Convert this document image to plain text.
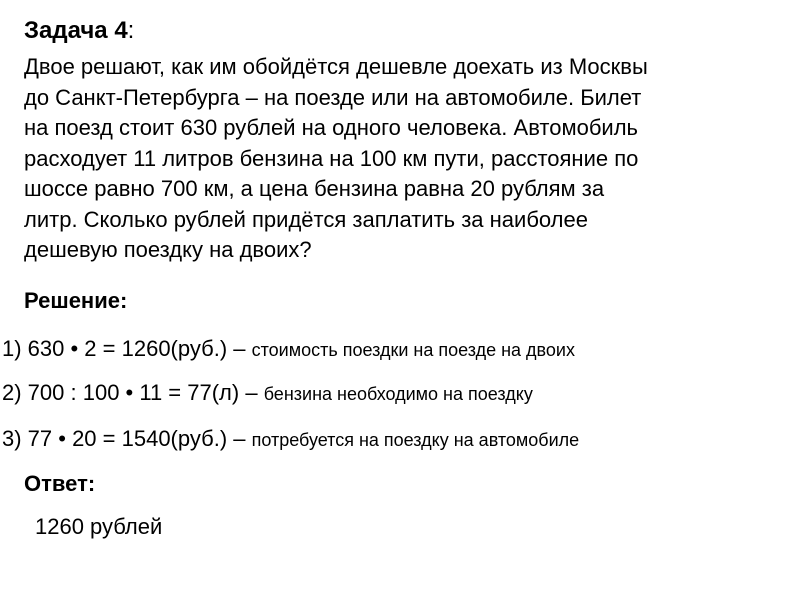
Задача 4:

Двое решают, как им обойдётся дешевле доехать из Москвы
до Санкт-Петербурга – на поезде или на автомобиле. Билет
на поезд стоит 630 рублей на одного человека. Автомобиль
расходует 11 литров бензина на 100 км пути, расстояние по
шоссе равно 700 км, а цена бензина равна 20 рублям за
литр. Сколько рублей придётся заплатить за наиболее
дешевую поездку на двоих?

Решение:
1) 630 • 2 = 1260(руб.) – стоимость поездки на поезде на двоих
2) 700 : 100 • 11 = 77(л) – бензина необходимо на поездку
3) 77 • 20 = 1540(руб.) – потребуется на поездку на автомобиле
Ответ:
1260 рублей
